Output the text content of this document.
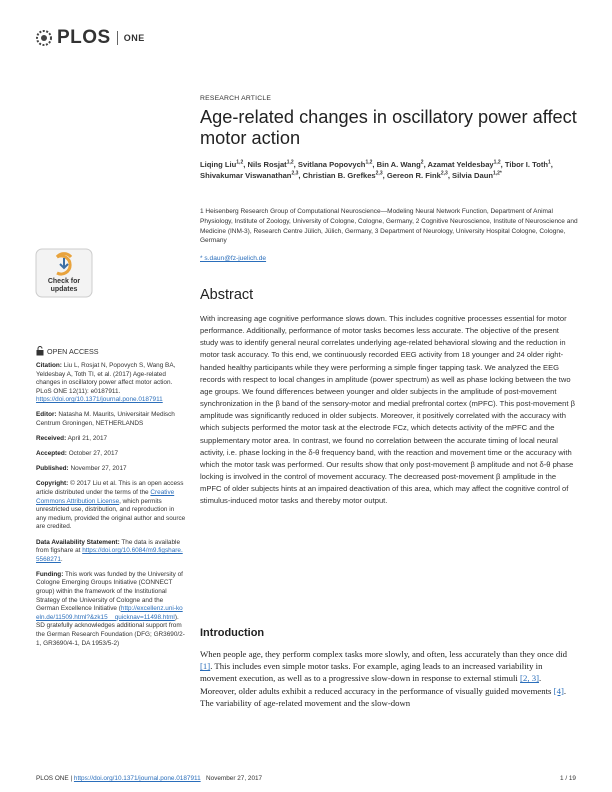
PLOS ONE
Check for
updates
OPEN ACCESS

Citation: Liu L, Rosjat N, Popovych S, Wang BA, Yeldesbay A, Toth TI, et al. (2017) Age-related changes in oscillatory power affect motor action. PLoS ONE 12(11): e0187911. https://doi.org/10.1371/journal.pone.0187911

Editor: Natasha M. Maurits, Universitair Medisch Centrum Groningen, NETHERLANDS

Received: April 21, 2017

Accepted: October 27, 2017

Published: November 27, 2017

Copyright: © 2017 Liu et al. This is an open access article distributed under the terms of the Creative Commons Attribution License, which permits unrestricted use, distribution, and reproduction in any medium, provided the original author and source are credited.

Data Availability Statement: The data is available from figshare at https://doi.org/10.6084/m9.figshare.5568271.

Funding: This work was funded by the University of Cologne Emerging Groups Initiative (CONNECT group) within the framework of the Institutional Strategy of the University of Cologne and the German Excellence Initiative (http://excellenz.uni-koeln.de/11509.html?&zk15__quicknav=11498.html). SD gratefully acknowledges additional support from the German Research Foundation (DFG; GR3690/2-1, GR3690/4-1, DA 1953/5-2)

RESEARCH ARTICLE
Age-related changes in oscillatory power affect motor action
Liqing Liu$^{1,2}$, Nils Rosjat$^{1,2}$, Svitlana Popovych$^{1,2}$, Bin A. Wang$^2$, Azamat Yeldesbay$^{1,2}$, Tibor I. Toth$^1$, Shivakumar Viswanathan$^{2,3}$, Christian B. Grefkes$^{2,3}$, Gereon R. Fink$^{2,3}$, Silvia Daun$^{1,2*}$
1 Heisenberg Research Group of Computational Neuroscience—Modeling Neural Network Function, Department of Animal Physiology, Institute of Zoology, University of Cologne, Cologne, Germany, 2 Cognitive Neuroscience, Institute of Neuroscience and Medicine (INM-3), Research Centre Jülich, Jülich, Germany, 3 Department of Neurology, University Hospital Cologne, Cologne, Germany
* s.daun@fz-juelich.de
Abstract
With increasing age cognitive performance slows down. This includes cognitive processes essential for motor performance. Additionally, performance of motor tasks becomes less accurate. The objective of the present study was to identify general neural correlates underlying age-related behavioral slowing and the reduction in motor task accuracy. To this end, we continuously recorded EEG activity from 18 younger and 24 older right-handed healthy participants while they were performing a simple finger tapping task. We analyzed the EEG records with respect to local changes in amplitude (power spectrum) as well as phase locking between the two age groups. We found differences between younger and older subjects in the amplitude of post-movement synchronization in the β band of the sensory-motor and medial prefrontal cortex (mPFC). This post-movement β amplitude was significantly reduced in older subjects. Moreover, it positively correlated with the accuracy with which subjects performed the motor task at the electrode FCz, which detects activity of the mPFC and the supplementary motor area. In contrast, we found no correlation between the accurate timing of local neural activity, i.e. phase locking in the δ-θ frequency band, with the reaction and movement time or the accuracy with which the motor task was performed. Our results show that only post-movement β amplitude and not δ-θ phase locking is involved in the control of movement accuracy. The decreased post-movement β amplitude in the mPFC of older subjects hints at an impaired deactivation of this area, which may affect the cognitive control of stimulus-induced motor tasks and thereby motor output.
Introduction
When people age, they perform complex tasks more slowly, and often, less accurately than they once did [1]. This includes even simple motor tasks. For example, aging leads to an increased variability in movement execution, as well as to a progressive slow-down in response to external stimuli [2, 3]. Moreover, older adults exhibit a reduced accuracy in the performance of visually guided movements [4]. The variability of age-related movement and the slow-down
PLOS ONE | https://doi.org/10.1371/journal.pone.0187911 November 27, 2017	1 / 19
